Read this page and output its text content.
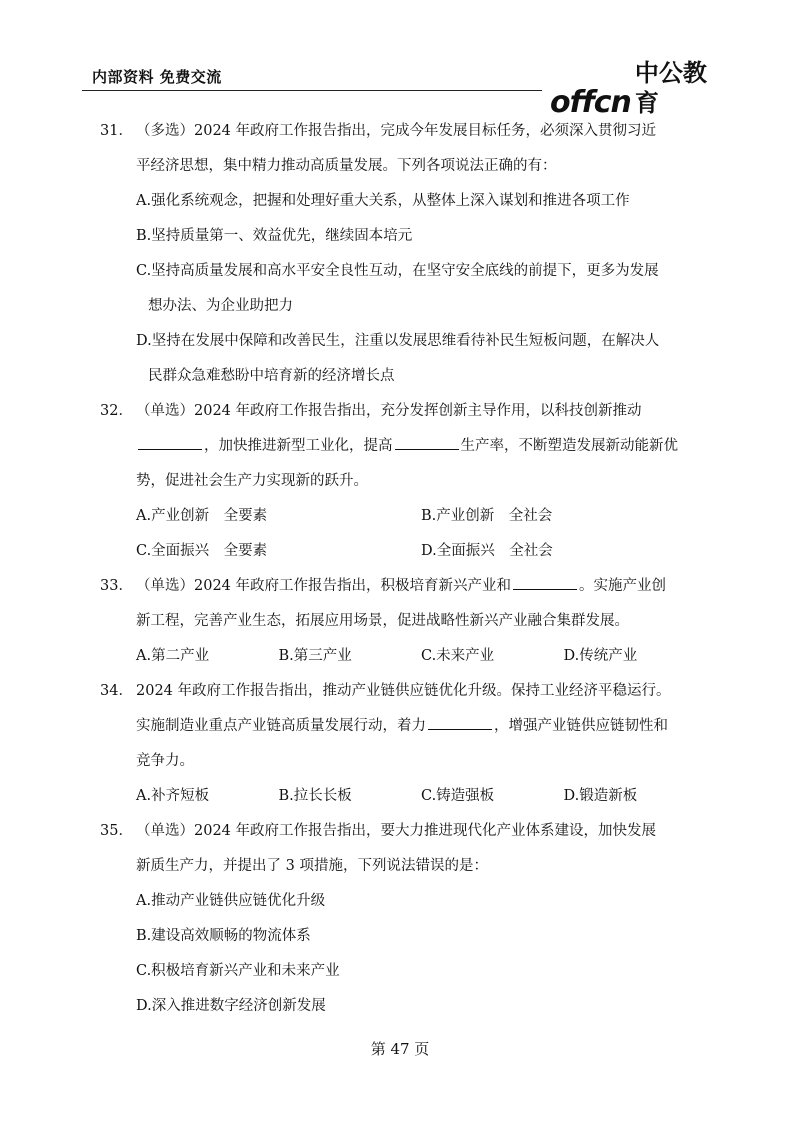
内部资料 免费交流
offcn
中公教育
31． （多选）2024 年政府工作报告指出，完成今年发展目标任务，必须深入贯彻习近
平经济思想，集中精力推动高质量发展。下列各项说法正确的有：
A.强化系统观念，把握和处理好重大关系，从整体上深入谋划和推进各项工作
B.坚持质量第一、效益优先，继续固本培元
C.坚持高质量发展和高水平安全良性互动，在坚守安全底线的前提下，更多为发展
想办法、为企业助把力
D.坚持在发展中保障和改善民生，注重以发展思维看待补民生短板问题，在解决人
民群众急难愁盼中培育新的经济增长点
32． （单选）2024 年政府工作报告指出，充分发挥创新主导作用，以科技创新推动
，加快推进新型工业化，提高	生产率，不断塑造发展新动能新优
势，促进社会生产力实现新的跃升。
A.产业创新　全要素	B.产业创新　全社会
C.全面振兴　全要素	D.全面振兴　全社会
33． （单选）2024 年政府工作报告指出，积极培育新兴产业和	。实施产业创
新工程，完善产业生态，拓展应用场景，促进战略性新兴产业融合集群发展。
A.第二产业	B.第三产业	C.未来产业	D.传统产业
34． 2024 年政府工作报告指出，推动产业链供应链优化升级。保持工业经济平稳运行。
实施制造业重点产业链高质量发展行动，着力	，增强产业链供应链韧性和
竞争力。
A.补齐短板	B.拉长长板	C.铸造强板	D.锻造新板
35． （单选）2024 年政府工作报告指出，要大力推进现代化产业体系建设，加快发展
新质生产力，并提出了 3 项措施，下列说法错误的是：
A.推动产业链供应链优化升级
B.建设高效顺畅的物流体系
C.积极培育新兴产业和未来产业
D.深入推进数字经济创新发展
第 47 页
